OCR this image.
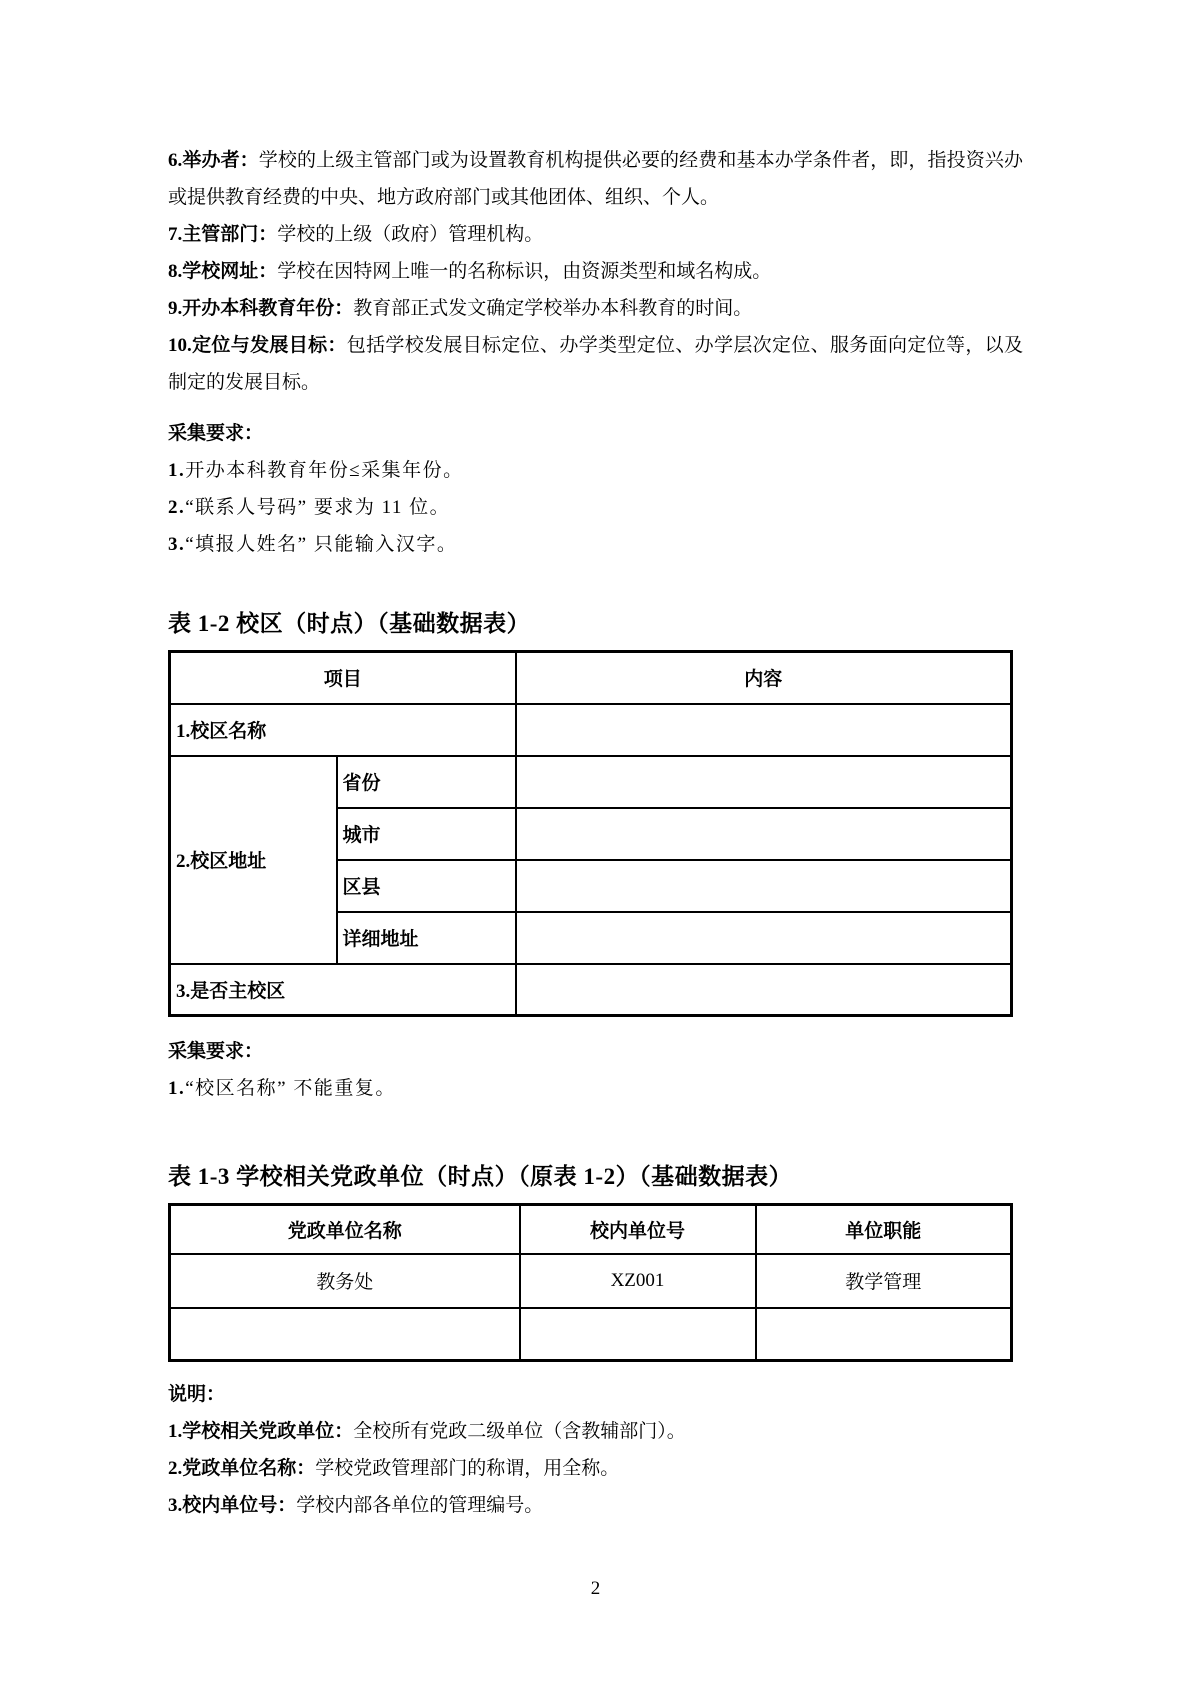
6.举办者：学校的上级主管部门或为设置教育机构提供必要的经费和基本办学条件者，即，指投资兴办或提供教育经费的中央、地方政府部门或其他团体、组织、个人。

7.主管部门：学校的上级（政府）管理机构。

8.学校网址：学校在因特网上唯一的名称标识，由资源类型和域名构成。

9.开办本科教育年份：教育部正式发文确定学校举办本科教育的时间。

10.定位与发展目标：包括学校发展目标定位、办学类型定位、办学层次定位、服务面向定位等，以及制定的发展目标。

采集要求：

1.开办本科教育年份≤采集年份。

2.“联系人号码” 要求为 11 位。

3.“填报人姓名” 只能输入汉字。

表 1-2 校区（时点）（基础数据表）
项目		内容
1.校区名称		
2.校区地址	省份	
	城市	
	区县	
	详细地址	
3.是否主校区		

采集要求：

1.“校区名称” 不能重复。

表 1-3 学校相关党政单位（时点）（原表 1-2）（基础数据表）
党政单位名称	校内单位号	单位职能
教务处	XZ001	教学管理

说明：

1.学校相关党政单位：全校所有党政二级单位（含教辅部门）。

2.党政单位名称：学校党政管理部门的称谓，用全称。

3.校内单位号：学校内部各单位的管理编号。

2
